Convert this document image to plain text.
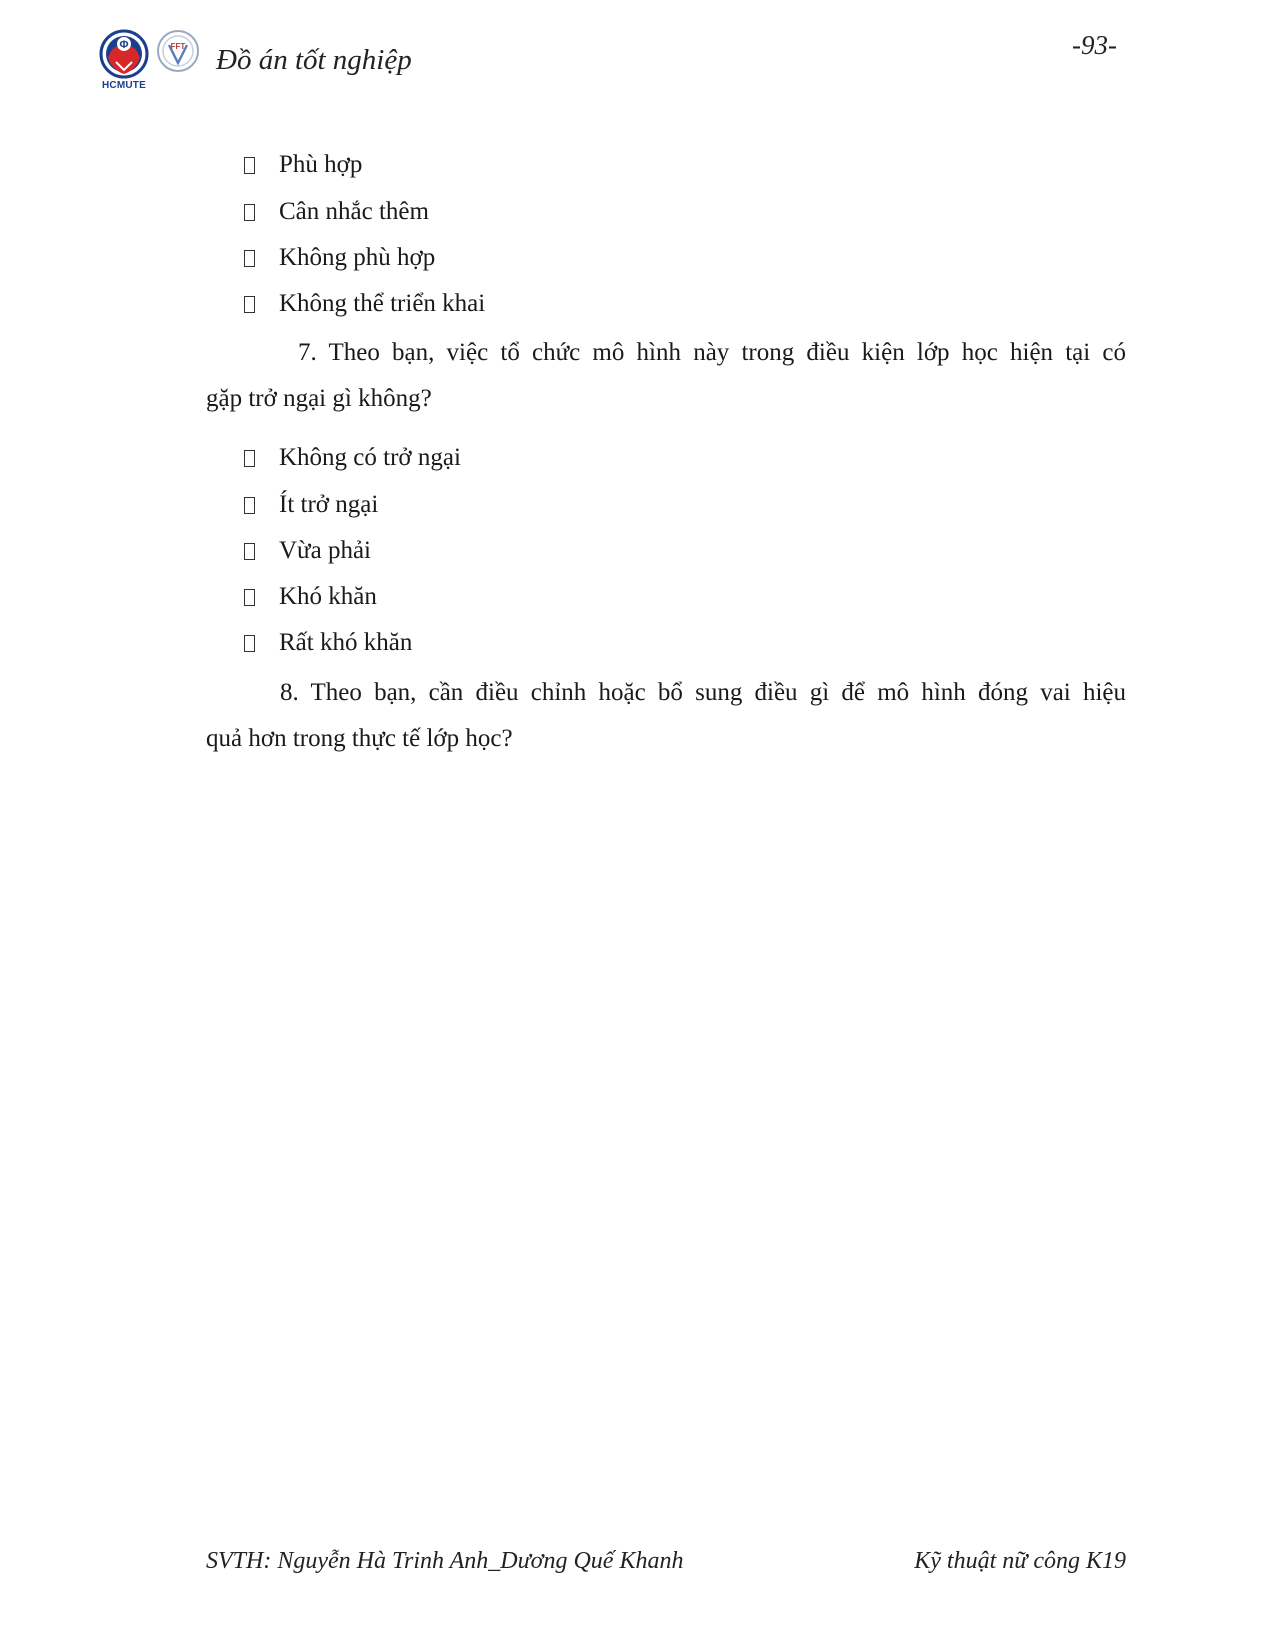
Φ
HCMUTE
FFT Đồ án tốt nghiệp	-93-
Phù hợp
Cân nhắc thêm
Không phù hợp
Không thể triển khai
7. Theo bạn, việc tổ chức mô hình này trong điều kiện lớp học hiện tại có
gặp trở ngại gì không?
Không có trở ngại
Ít trở ngại
Vừa phải
Khó khăn
Rất khó khăn
8. Theo bạn, cần điều chỉnh hoặc bổ sung điều gì để mô hình đóng vai hiệu
quả hơn trong thực tế lớp học?
SVTH: Nguyễn Hà Trinh Anh_Dương Quế Khanh	Kỹ thuật nữ công K19
